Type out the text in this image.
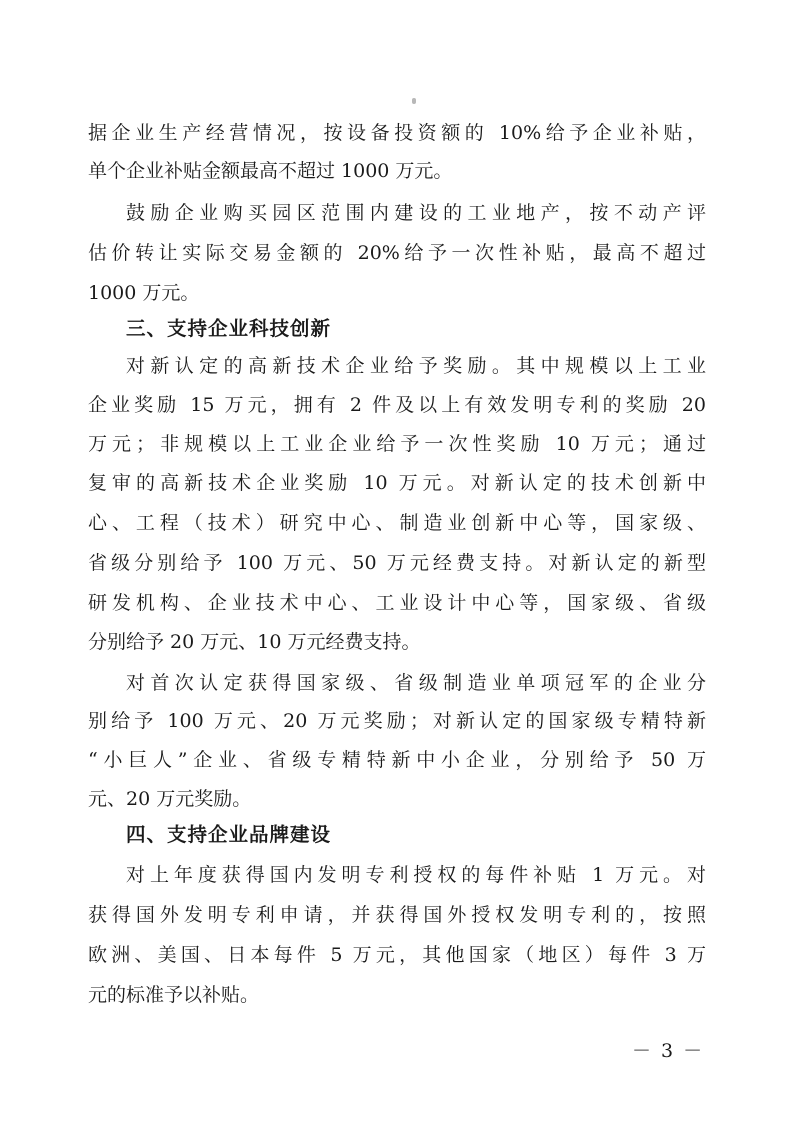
据企业生产经营情况，按设备投资额的 10%给予企业补贴，
单个企业补贴金额最高不超过 1000 万元。
鼓励企业购买园区范围内建设的工业地产，按不动产评
估价转让实际交易金额的 20%给予一次性补贴，最高不超过
1000 万元。
三、支持企业科技创新
对新认定的高新技术企业给予奖励。其中规模以上工业
企业奖励 15 万元，拥有 2 件及以上有效发明专利的奖励 20
万元；非规模以上工业企业给予一次性奖励 10 万元；通过
复审的高新技术企业奖励 10 万元。对新认定的技术创新中
心、工程（技术）研究中心、制造业创新中心等，国家级、
省级分别给予 100 万元、50 万元经费支持。对新认定的新型
研发机构、企业技术中心、工业设计中心等，国家级、省级
分别给予 20 万元、10 万元经费支持。
对首次认定获得国家级、省级制造业单项冠军的企业分
别给予 100 万元、20 万元奖励；对新认定的国家级专精特新
“小巨人”企业、省级专精特新中小企业，分别给予 50 万
元、20 万元奖励。
四、支持企业品牌建设
对上年度获得国内发明专利授权的每件补贴 1 万元。对
获得国外发明专利申请，并获得国外授权发明专利的，按照
欧洲、美国、日本每件 5 万元，其他国家（地区）每件 3 万
元的标准予以补贴。
－ 3 －
